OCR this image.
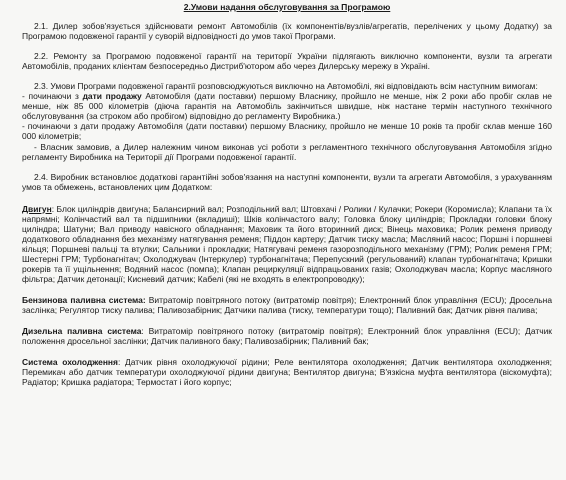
2.Умови надання обслуговування за Програмою

2.1. Дилер зобов'язується здійснювати ремонт Автомобілів (їх компонентів/вузлів/агрегатів, перелічених у цьому Додатку) за Програмою подовженої гарантії у суворій відповідності до умов такої Програми.

2.2. Ремонту за Програмою подовженої гарантії на території України підлягають виключно компоненти, вузли та агрегати Автомобілів, проданих клієнтам безпосередньо Дистриб'ютором або через Дилерську мережу в Україні.

2.3. Умови Програми подовженої гарантії розповсюджуються виключно на Автомобілі, які відповідають всім наступним вимогам:

- починаючи з дати продажу Автомобіля (дати поставки) першому Власнику, пройшло не менше, ніж 2 роки або пробіг склав не менше, ніж 85 000 кілометрів (діюча гарантія на Автомобіль закінчиться швидше, ніж настане термін наступного технічного обслуговування (за строком або пробігом) відповідно до регламенту Виробника.)

- починаючи з дати продажу Автомобіля (дати поставки) першому Власнику, пройшло не менше 10 років та пробіг склав менше 160 000 кілометрів;

- Власник замовив, а Дилер належним чином виконав усі роботи з регламентного технічного обслуговування Автомобіля згідно регламенту Виробника на Території дії Програми подовженої гарантії.

2.4. Виробник встановлює додаткові гарантійні зобов'язання на наступні компоненти, вузли та агрегати Автомобіля, з урахуванням умов та обмежень, встановлених цим Додатком:

Двигун: Блок циліндрів двигуна; Балансирний вал; Розподільний вал; Штовхачі / Ролики / Кулачки; Рокери (Коромисла); Клапани та їх напрямні; Колінчастий вал та підшипники (вкладиші); Шків колінчастого валу; Головка блоку циліндрів; Прокладки головки блоку циліндра; Шатуни; Вал приводу навісного обладнання; Маховик та його вторинний диск; Вінець маховика; Ролик ременя приводу додаткового обладнання без механізму натягування ременя; Піддон картеру; Датчик тиску масла; Масляний насос; Поршні і поршневі кільця; Поршневі пальці та втулки; Сальники і прокладки; Натягувачі ременя газорозподільного механізму (ГРМ); Ролик ременя ГРМ; Шестерні ГРМ; Турбонагнітач; Охолоджувач (Інтеркулер) турбонагнітача; Перепускний (регульований) клапан турбонагнітача; Кришки рокерів та її ущільнення; Водяний насос (помпа); Клапан рециркуляції відпрацьованих газів; Охолоджувач масла; Корпус масляного фільтра; Датчик детонації; Кисневий датчик; Кабелі (які не входять в електропроводку);

Бензинова паливна система: Витратомір повітряного потоку (витратомір повітря); Електронний блок управління (ECU); Дросельна заслінка; Регулятор тиску палива; Паливозабірник; Датчики палива (тиску, температури тощо); Паливний бак; Датчик рівня палива;

Дизельна паливна система: Витратомір повітряного потоку (витратомір повітря); Електронний блок управління (ECU); Датчик положення дросельної заслінки; Датчик паливного баку; Паливозабірник; Паливний бак;

Система охолодження: Датчик рівня охолоджуючої рідини; Реле вентилятора охолодження; Датчик вентилятора охолодження; Перемикач або датчик температури охолоджуючої рідини двигуна; Вентилятор двигуна; В'язкісна муфта вентилятора (віскомуфта); Радіатор; Кришка радіатора; Термостат і його корпус;
